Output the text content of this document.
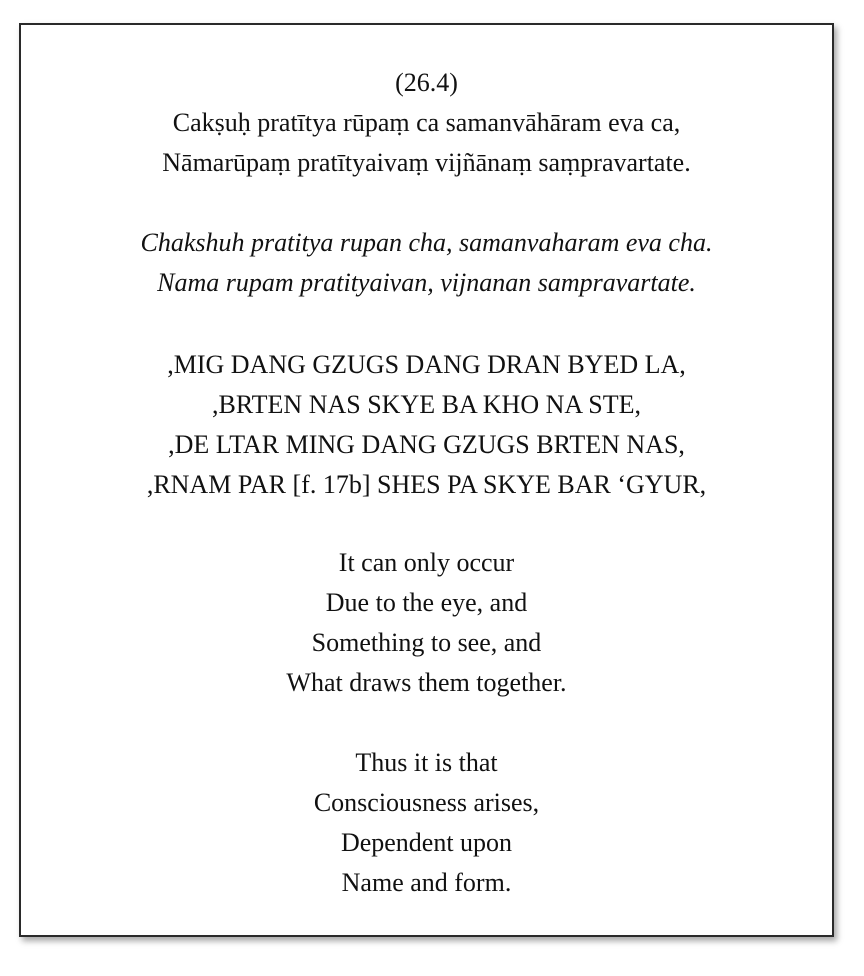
(26.4)
Cakṣuḥ pratītya rūpaṃ ca samanvāhāram eva ca,
Nāmarūpaṃ pratītyaivaṃ vijñānaṃ saṃpravartate.
Chakshuh pratitya rupan cha, samanvaharam eva cha.
Nama rupam pratityaivan, vijnanan sampravartate.
,MIG DANG GZUGS DANG DRAN BYED LA,
,BRTEN NAS SKYE BA KHO NA STE,
,DE LTAR MING DANG GZUGS BRTEN NAS,
,RNAM PAR [f. 17b] SHES PA SKYE BAR ‘GYUR,
It can only occur
Due to the eye, and
Something to see, and
What draws them together.
Thus it is that
Consciousness arises,
Dependent upon
Name and form.
